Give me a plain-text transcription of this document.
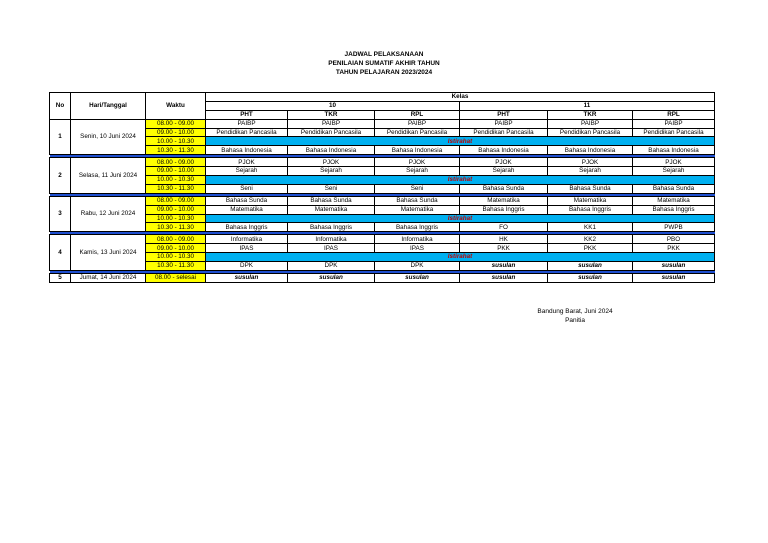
JADWAL PELAKSANAAN
PENILAIAN SUMATIF AKHIR TAHUN
TAHUN PELAJARAN 2023/2024
No	Hari/Tanggal	Waktu	Kelas					
			10			11		
			PHT	TKR	RPL	PHT	TKR	RPL
1	Senin, 10 Juni 2024	08.00 - 09.00	PAIBP	PAIBP	PAIBP	PAIBP	PAIBP	PAIBP
		09.00 - 10.00	Pendidikan Pancasila	Pendidikan Pancasila	Pendidikan Pancasila	Pendidikan Pancasila	Pendidikan Pancasila	Pendidikan Pancasila
		10.00 - 10.30	Istirahat					
		10.30 - 11.30	Bahasa Indonesia	Bahasa Indonesia	Bahasa Indonesia	Bahasa Indonesia	Bahasa Indonesia	Bahasa Indonesia

2	Selasa, 11 Juni 2024	08.00 - 09.00	PJOK	PJOK	PJOK	PJOK	PJOK	PJOK
		09.00 - 10.00	Sejarah	Sejarah	Sejarah	Sejarah	Sejarah	Sejarah
		10.00 - 10.30	Istirahat					
		10.30 - 11.30	Seni	Seni	Seni	Bahasa Sunda	Bahasa Sunda	Bahasa Sunda

3	Rabu, 12 Juni 2024	08.00 - 09.00	Bahasa Sunda	Bahasa Sunda	Bahasa Sunda	Matematika	Matematika	Matematika
		09.00 - 10.00	Matematika	Matematika	Matematika	Bahasa Inggris	Bahasa Inggris	Bahasa Inggris
		10.00 - 10.30	Istirahat					
		10.30 - 11.30	Bahasa Inggris	Bahasa Inggris	Bahasa Inggris	FO	KK1	PWPB

4	Kamis, 13 Juni 2024	08.00 - 09.00	Informatika	Informatika	Informatika	HK	KK2	PBO
		09.00 - 10.00	IPAS	IPAS	IPAS	PKK	PKK	PKK
		10.00 - 10.30	Istirahat					
		10.30 - 11.30	DPK	DPK	DPK	susulan	susulan	susulan

5	Jumat, 14 Juni 2024	08.00 - selesai	susulan	susulan	susulan	susulan	susulan	susulan
Bandung Barat, Juni 2024
Panitia
